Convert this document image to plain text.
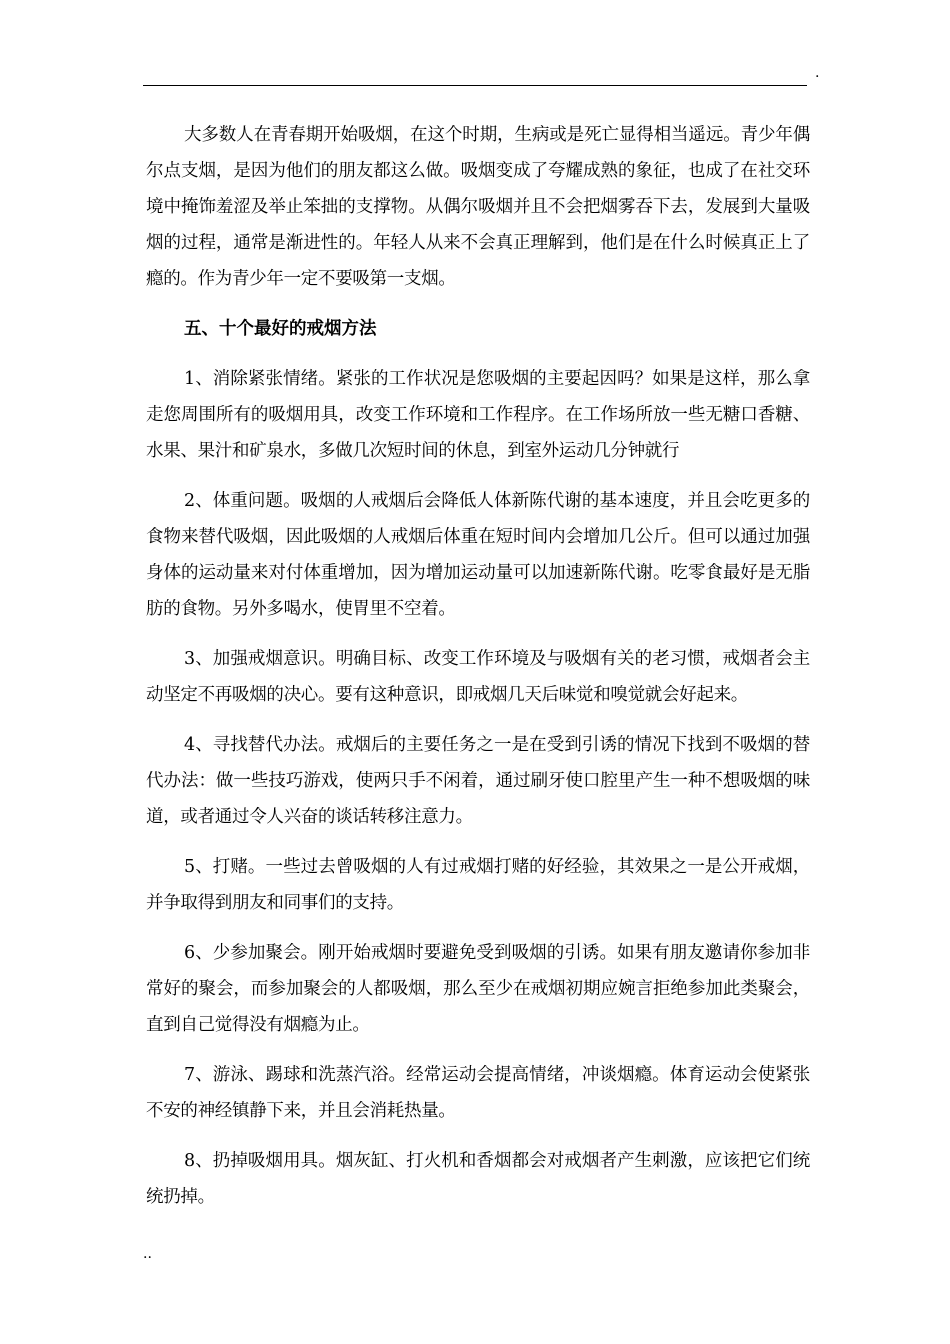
.

大多数人在青春期开始吸烟，在这个时期，生病或是死亡显得相当遥远。青少年偶尔点支烟，是因为他们的朋友都这么做。吸烟变成了夸耀成熟的象征，也成了在社交环境中掩饰羞涩及举止笨拙的支撑物。从偶尔吸烟并且不会把烟雾吞下去，发展到大量吸烟的过程，通常是渐进性的。年轻人从来不会真正理解到，他们是在什么时候真正上了瘾的。作为青少年一定不要吸第一支烟。

五、十个最好的戒烟方法

1、消除紧张情绪。紧张的工作状况是您吸烟的主要起因吗？如果是这样，那么拿走您周围所有的吸烟用具，改变工作环境和工作程序。在工作场所放一些无糖口香糖、水果、果汁和矿泉水，多做几次短时间的休息，到室外运动几分钟就行

2、体重问题。吸烟的人戒烟后会降低人体新陈代谢的基本速度，并且会吃更多的食物来替代吸烟，因此吸烟的人戒烟后体重在短时间内会增加几公斤。但可以通过加强身体的运动量来对付体重增加，因为增加运动量可以加速新陈代谢。吃零食最好是无脂肪的食物。另外多喝水，使胃里不空着。

3、加强戒烟意识。明确目标、改变工作环境及与吸烟有关的老习惯，戒烟者会主动坚定不再吸烟的决心。要有这种意识，即戒烟几天后味觉和嗅觉就会好起来。

4、寻找替代办法。戒烟后的主要任务之一是在受到引诱的情况下找到不吸烟的替代办法：做一些技巧游戏，使两只手不闲着，通过刷牙使口腔里产生一种不想吸烟的味道，或者通过令人兴奋的谈话转移注意力。

5、打赌。一些过去曾吸烟的人有过戒烟打赌的好经验，其效果之一是公开戒烟，并争取得到朋友和同事们的支持。

6、少参加聚会。刚开始戒烟时要避免受到吸烟的引诱。如果有朋友邀请你参加非常好的聚会，而参加聚会的人都吸烟，那么至少在戒烟初期应婉言拒绝参加此类聚会，直到自己觉得没有烟瘾为止。

7、游泳、踢球和洗蒸汽浴。经常运动会提高情绪，冲谈烟瘾。体育运动会使紧张不安的神经镇静下来，并且会消耗热量。

8、扔掉吸烟用具。烟灰缸、打火机和香烟都会对戒烟者产生刺激，应该把它们统统扔掉。

..
